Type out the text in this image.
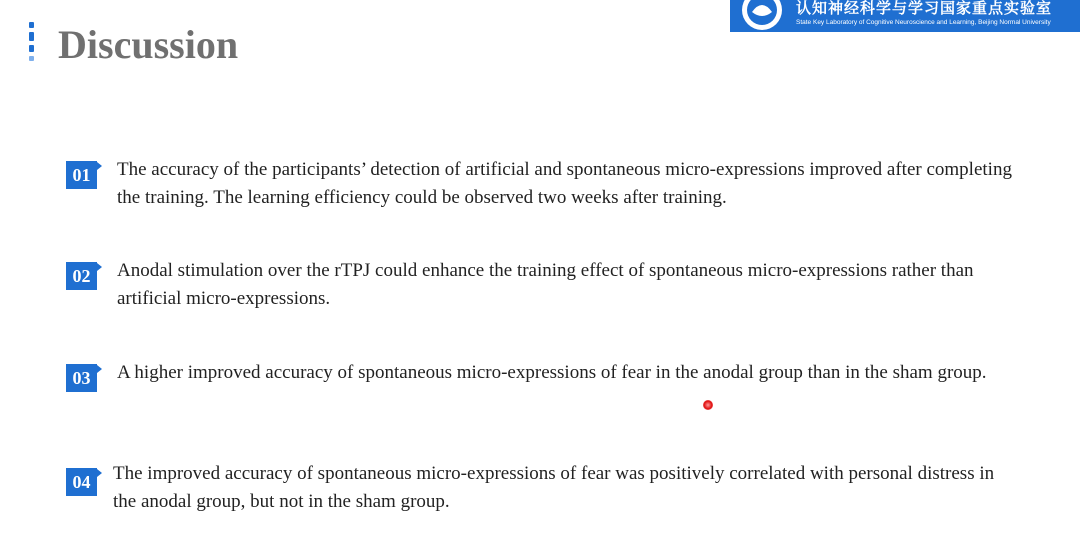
Discussion
认知神经科学与学习国家重点实验室
State Key Laboratory of Cognitive Neuroscience and Learning, Beijing Normal University
01	The accuracy of the participants’ detection of artificial and spontaneous micro-expressions improved after completing the training. The learning efficiency could be observed two weeks after training.

02	Anodal stimulation over the rTPJ could enhance the training effect of spontaneous micro-expressions rather than artificial micro-expressions.

03	A higher improved accuracy of spontaneous micro-expressions of fear in the anodal group than in the sham group.

04	The improved accuracy of spontaneous micro-expressions of fear was positively correlated with personal distress in the anodal group, but not in the sham group.
